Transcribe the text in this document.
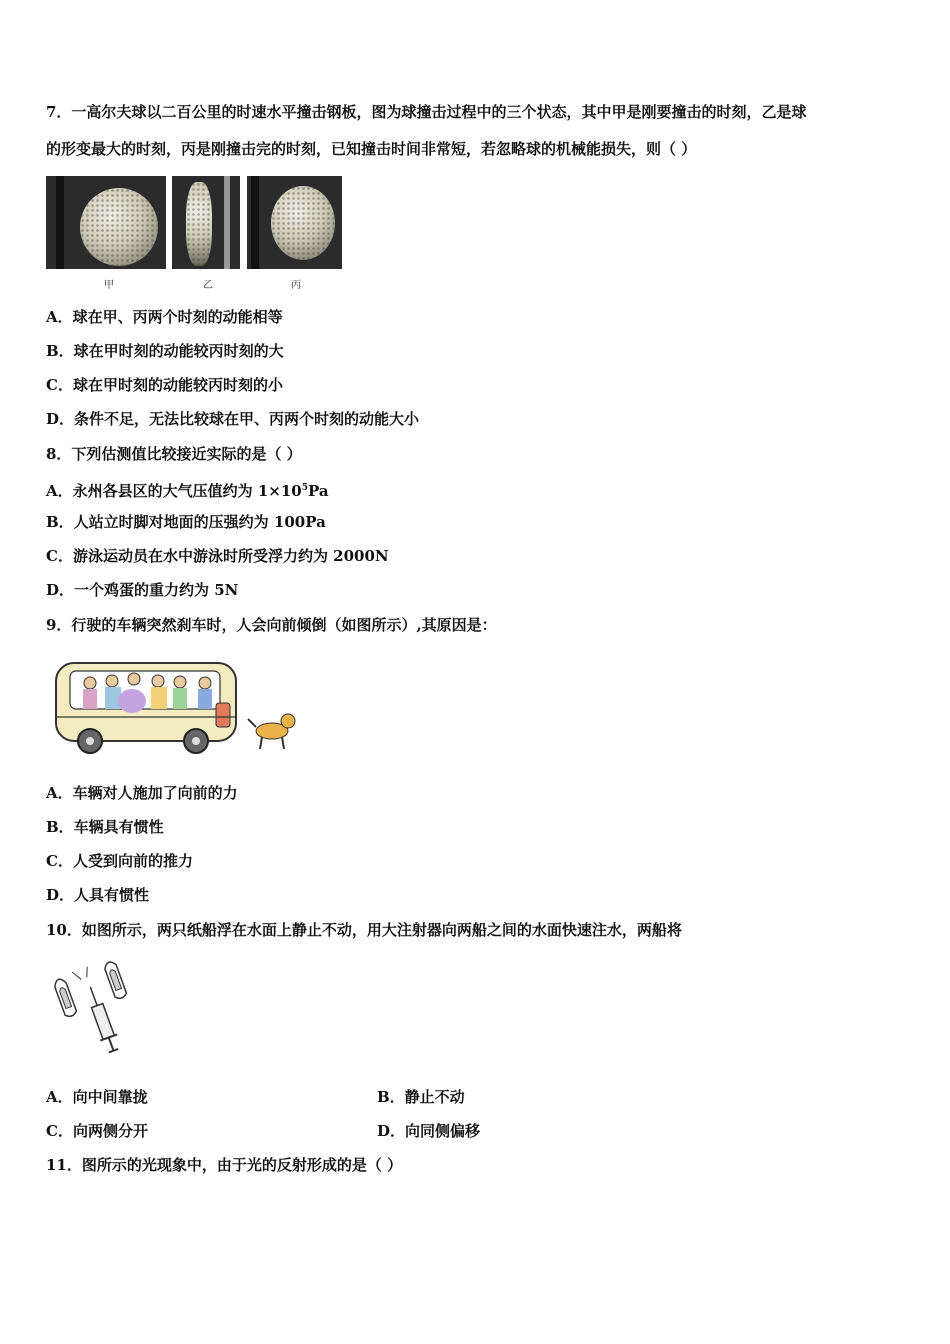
7．一高尔夫球以二百公里的时速水平撞击钢板，图为球撞击过程中的三个状态，其中甲是刚要撞击的时刻，乙是球
的形变最大的时刻，丙是刚撞击完的时刻，已知撞击时间非常短，若忽略球的机械能损失，则（ ）
甲	乙	丙
A．球在甲、丙两个时刻的动能相等
B．球在甲时刻的动能较丙时刻的大
C．球在甲时刻的动能较丙时刻的小
D．条件不足，无法比较球在甲、丙两个时刻的动能大小
8．下列估测值比较接近实际的是（ ）
A．永州各县区的大气压值约为 $1\times 10^5Pa$
B．人站立时脚对地面的压强约为 100Pa
C．游泳运动员在水中游泳时所受浮力约为 2000N
D．一个鸡蛋的重力约为 5N
9．行驶的车辆突然刹车时，人会向前倾倒（如图所示）,其原因是：
A．车辆对人施加了向前的力
B．车辆具有惯性
C．人受到向前的推力
D．人具有惯性
10．如图所示，两只纸船浮在水面上静止不动，用大注射器向两船之间的水面快速注水，两船将
A．向中间靠拢	B．静止不动
C．向两侧分开	D．向同侧偏移
11．图所示的光现象中，由于光的反射形成的是（ ）
